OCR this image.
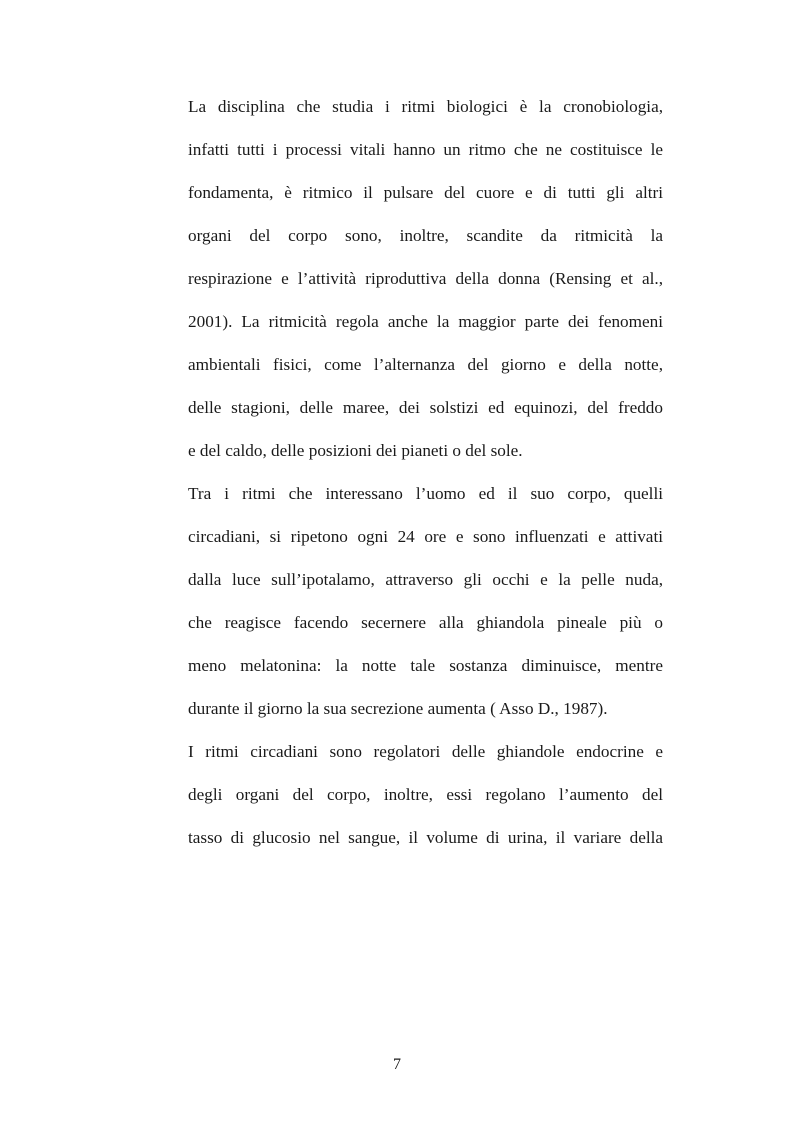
La disciplina che studia i ritmi biologici è la cronobiologia,
infatti tutti i processi vitali hanno un ritmo che ne costituisce le
fondamenta, è ritmico il pulsare del cuore e di tutti gli altri
organi del corpo sono, inoltre, scandite da ritmicità la
respirazione e l’attività riproduttiva della donna (Rensing et al.,
2001). La ritmicità regola anche la maggior parte dei fenomeni
ambientali fisici, come l’alternanza del giorno e della notte,
delle stagioni, delle maree, dei solstizi ed equinozi, del freddo
e del caldo, delle posizioni dei pianeti o del sole.
Tra i ritmi che interessano l’uomo ed il suo corpo, quelli
circadiani, si ripetono ogni 24 ore e sono influenzati e attivati
dalla luce sull’ipotalamo, attraverso gli occhi e la pelle nuda,
che reagisce facendo secernere alla ghiandola pineale più o
meno melatonina: la notte tale sostanza diminuisce, mentre
durante il giorno la sua secrezione aumenta ( Asso D., 1987).
I ritmi circadiani sono regolatori delle ghiandole endocrine e
degli organi del corpo, inoltre, essi regolano l’aumento del
tasso di glucosio nel sangue, il volume di urina, il variare della
7
